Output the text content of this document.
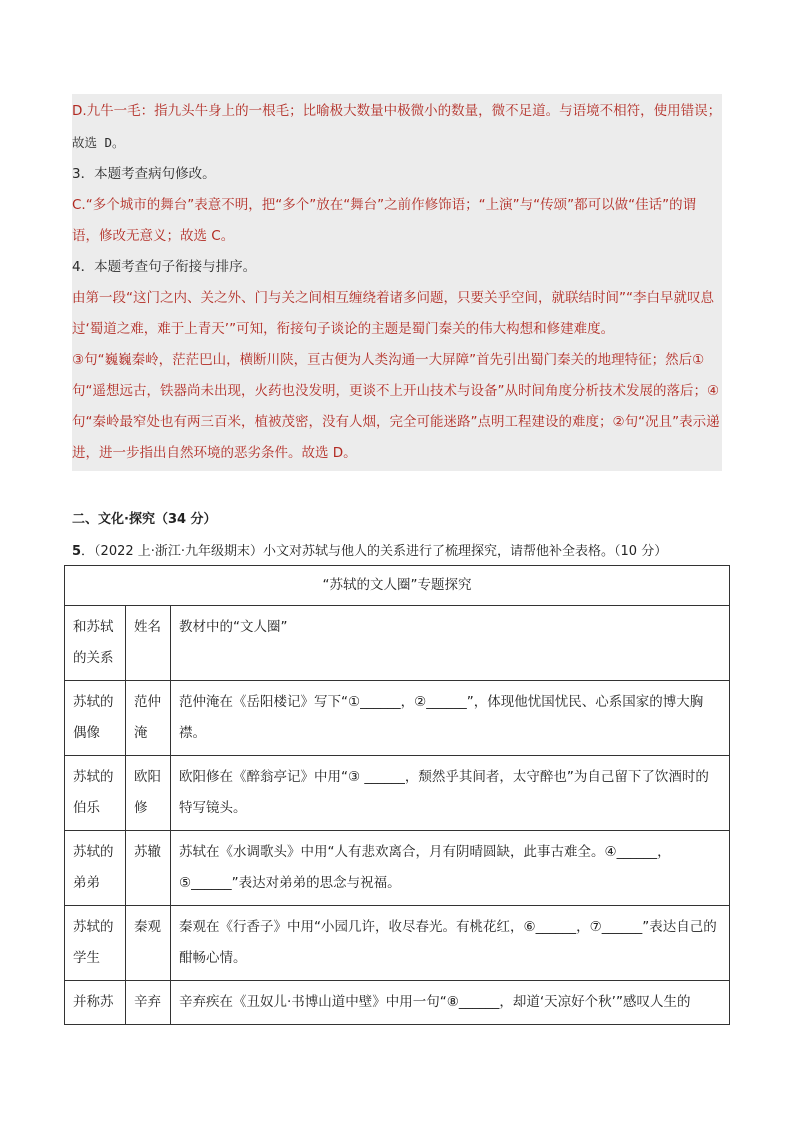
D.九牛一毛：指九头牛身上的一根毛；比喻极大数量中极微小的数量，微不足道。与语境不相符，使用错误；

故选 D。

3．本题考查病句修改。

C.“多个城市的舞台”表意不明，把“多个”放在“舞台”之前作修饰语；“上演”与“传颂”都可以做“佳话”的谓语，修改无意义；故选 C。

4．本题考查句子衔接与排序。

由第一段“这门之内、关之外、门与关之间相互缠绕着诸多问题，只要关乎空间，就联结时间”“李白早就叹息过‘蜀道之难，难于上青天’”可知，衔接句子谈论的主题是蜀门秦关的伟大构想和修建难度。

③句“巍巍秦岭，茫茫巴山，横断川陕，亘古便为人类沟通一大屏障”首先引出蜀门秦关的地理特征；然后①句“遥想远古，铁器尚未出现，火药也没发明，更谈不上开山技术与设备”从时间角度分析技术发展的落后；④句“秦岭最窄处也有两三百米，植被茂密，没有人烟，完全可能迷路”点明工程建设的难度；②句“况且”表示递进，进一步指出自然环境的恶劣条件。故选 D。

二、文化·探究（34 分）
5．（2022 上·浙江·九年级期末）小文对苏轼与他人的关系进行了梳理探究，请帮他补全表格。（10 分）
“苏轼的文人圈”专题探究		
和苏轼的关系	姓名	教材中的“文人圈”
苏轼的偶像	范仲淹	范仲淹在《岳阳楼记》写下“①______，②______”，体现他忧国忧民、心系国家的博大胸襟。
苏轼的伯乐	欧阳修	欧阳修在《醉翁亭记》中用“③ ______，颓然乎其间者，太守醉也”为自己留下了饮酒时的特写镜头。
苏轼的弟弟	苏辙	苏轼在《水调歌头》中用“人有悲欢离合，月有阴晴圆缺，此事古难全。④______，⑤______”表达对弟弟的思念与祝福。
苏轼的学生	秦观	秦观在《行香子》中用“小园几许，收尽春光。有桃花红，⑥______，⑦______”表达自己的酣畅心情。
并称苏	辛弃	辛弃疾在《丑奴儿·书博山道中壁》中用一句“⑧______，却道‘天凉好个秋’”感叹人生的
